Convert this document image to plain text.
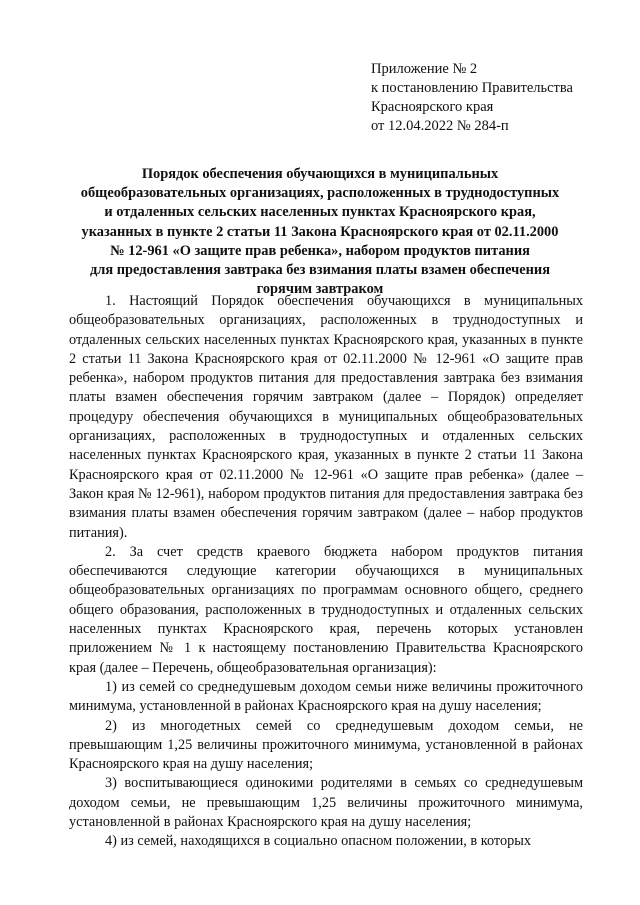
Приложение № 2
к постановлению Правительства
Красноярского края
от 12.04.2022 № 284-п
Порядок обеспечения обучающихся в муниципальных
общеобразовательных организациях, расположенных в труднодоступных
и отдаленных сельских населенных пунктах Красноярского края,
указанных в пункте 2 статьи 11 Закона Красноярского края от 02.11.2000
№ 12-961 «О защите прав ребенка», набором продуктов питания
для предоставления завтрака без взимания платы взамен обеспечения
горячим завтраком

1. Настоящий Порядок обеспечения обучающихся в муниципальных общеобразовательных организациях, расположенных в труднодоступных и отдаленных сельских населенных пунктах Красноярского края, указанных в пункте 2 статьи 11 Закона Красноярского края от 02.11.2000 № 12-961 «О защите прав ребенка», набором продуктов питания для предоставления завтрака без взимания платы взамен обеспечения горячим завтраком (далее – Порядок) определяет процедуру обеспечения обучающихся в муниципальных общеобразовательных организациях, расположенных в труднодоступных и отдаленных сельских населенных пунктах Красноярского края, указанных в пункте 2 статьи 11 Закона Красноярского края от 02.11.2000 № 12-961 «О защите прав ребенка» (далее – Закон края № 12-961), набором продуктов питания для предоставления завтрака без взимания платы взамен обеспечения горячим завтраком (далее – набор продуктов питания).

2. За счет средств краевого бюджета набором продуктов питания обеспечиваются следующие категории обучающихся в муниципальных общеобразовательных организациях по программам основного общего, среднего общего образования, расположенных в труднодоступных и отдаленных сельских населенных пунктах Красноярского края, перечень которых установлен приложением № 1 к настоящему постановлению Правительства Красноярского края (далее – Перечень, общеобразовательная организация):

1) из семей со среднедушевым доходом семьи ниже величины прожиточного минимума, установленной в районах Красноярского края на душу населения;

2) из многодетных семей со среднедушевым доходом семьи, не превышающим 1,25 величины прожиточного минимума, установленной в районах Красноярского края на душу населения;

3) воспитывающиеся одинокими родителями в семьях со среднедушевым доходом семьи, не превышающим 1,25 величины прожиточного минимума, установленной в районах Красноярского края на душу населения;

4) из семей, находящихся в социально опасном положении, в которых
